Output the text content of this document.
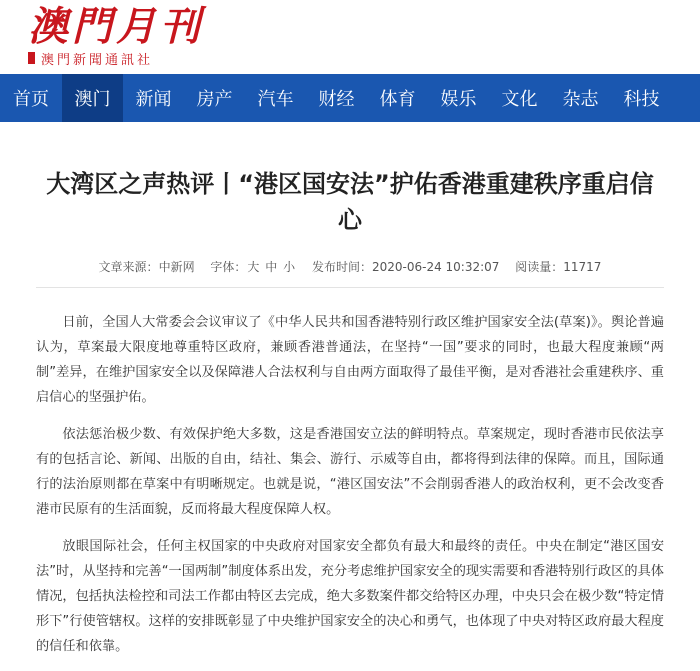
澳門月刊
澳門新聞通訊社
首页	澳门	新闻	房产	汽车	财经	体育	娱乐	文化	杂志	科技
大湾区之声热评丨“港区国安法”护佑香港重建秩序重启信心
文章来源：中新网 字体：大 中 小 发布时间：2020-06-24 10:32:07 阅读量：11717

日前，全国人大常委会会议审议了《中华人民共和国香港特别行政区维护国家安全法(草案)》。舆论普遍认为，草案最大限度地尊重特区政府，兼顾香港普通法，在坚持“一国”要求的同时，也最大程度兼顾“两制”差异，在维护国家安全以及保障港人合法权利与自由两方面取得了最佳平衡，是对香港社会重建秩序、重启信心的坚强护佑。

依法惩治极少数、有效保护绝大多数，这是香港国安立法的鲜明特点。草案规定，现时香港市民依法享有的包括言论、新闻、出版的自由，结社、集会、游行、示威等自由，都将得到法律的保障。而且，国际通行的法治原则都在草案中有明晰规定。也就是说，“港区国安法”不会削弱香港人的政治权利，更不会改变香港市民原有的生活面貌，反而将最大程度保障人权。

放眼国际社会，任何主权国家的中央政府对国家安全都负有最大和最终的责任。中央在制定“港区国安法”时，从坚持和完善“一国两制”制度体系出发，充分考虑维护国家安全的现实需要和香港特别行政区的具体情况，包括执法检控和司法工作都由特区去完成，绝大多数案件都交给特区办理，中央只会在极少数“特定情形下”行使管辖权。这样的安排既彰显了中央维护国家安全的决心和勇气，也体现了中央对特区政府最大程度的信任和依靠。
